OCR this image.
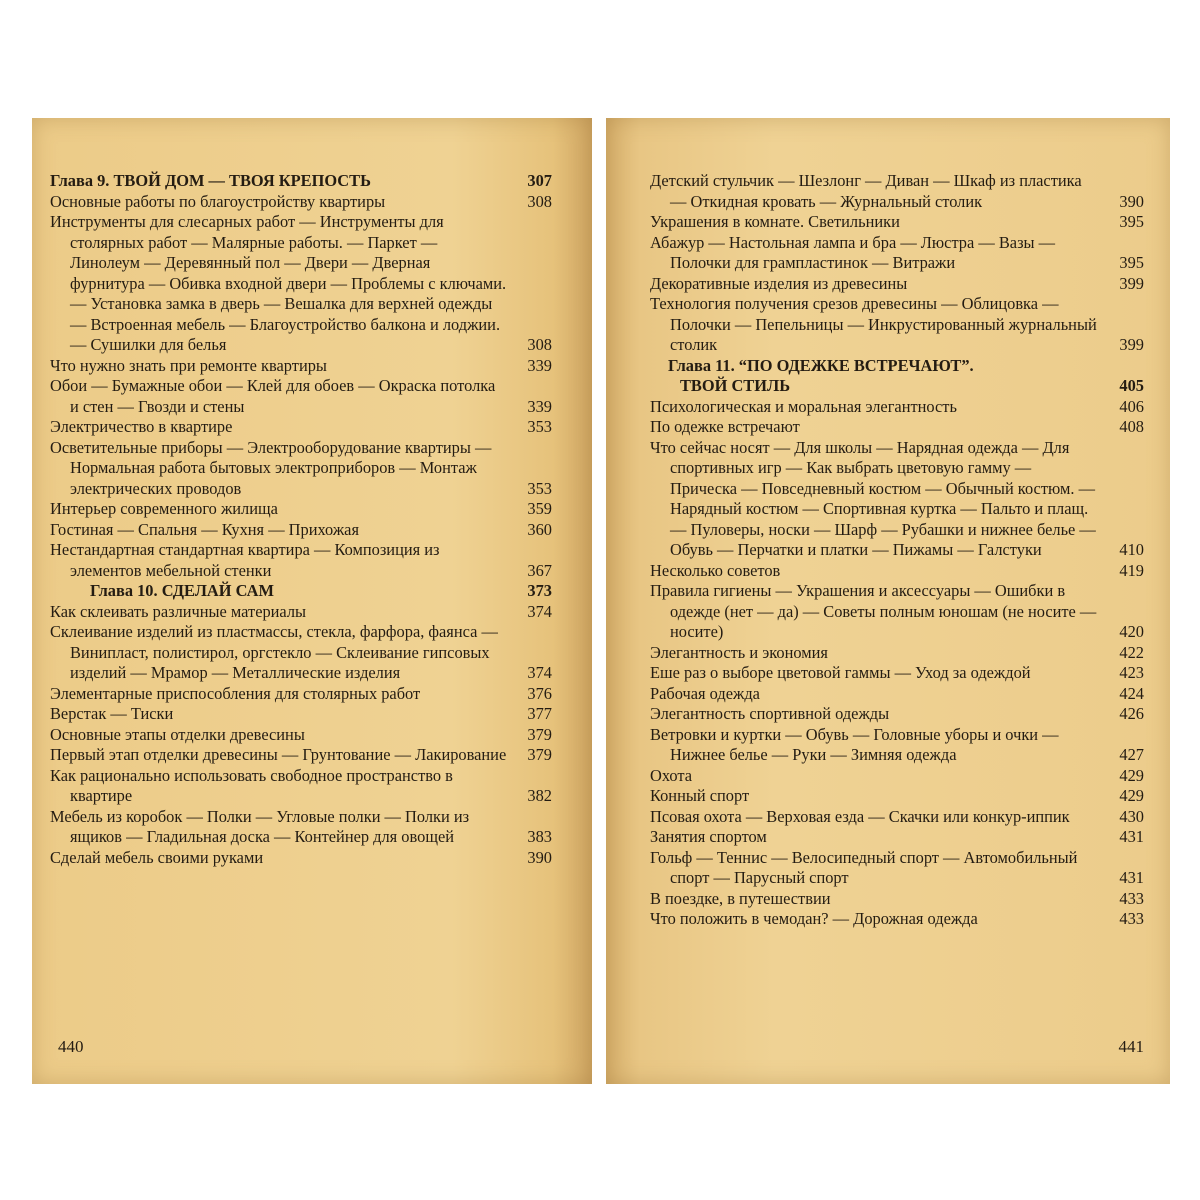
Глава 9. ТВОЙ ДОМ — ТВОЯ КРЕПОСТЬ	307
Основные работы по благоустройству квартиры	308
Инструменты для слесарных работ — Инструменты для столярных работ — Малярные работы. — Паркет — Линолеум — Деревянный пол — Двери — Дверная фурнитура — Обивка входной двери — Проблемы с ключами. — Установка замка в дверь — Вешалка для верхней одежды — Встроенная мебель — Благоустройство балкона и лоджии.— Сушилки для белья	308
Что нужно знать при ремонте квартиры	339
Обои — Бумажные обои — Клей для обоев — Окраска потолка и стен — Гвозди и стены	339
Электричество в квартире	353
Осветительные приборы — Электрооборудование квартиры — Нормальная работа бытовых электроприборов — Монтаж электрических проводов	353
Интерьер современного жилища	359
Гостиная — Спальня — Кухня — Прихожая	360
Нестандартная стандартная квартира — Композиция из элементов мебельной стенки	367
Глава 10. СДЕЛАЙ САМ	373
Как склеивать различные материалы	374
Склеивание изделий из пластмассы, стекла, фарфора, фаянса — Винипласт, полистирол, оргстекло — Склеивание гипсовых изделий — Мрамор — Металлические изделия	374
Элементарные приспособления для столярных работ	376
Верстак — Тиски	377
Основные этапы отделки древесины	379
Первый этап отделки древесины — Грунтование — Лакирование	379
Как рационально использовать свободное пространство в квартире	382
Мебель из коробок — Полки — Угловые полки — Полки из ящиков — Гладильная доска — Контейнер для овощей	383
Сделай мебель своими руками	390
440
Детский стульчик — Шезлонг — Диван — Шкаф из пластика — Откидная кровать — Журнальный столик	390
Украшения в комнате. Светильники	395
Абажур — Настольная лампа и бра — Люстра — Вазы — Полочки для грампластинок — Витражи	395
Декоративные изделия из древесины	399
Технология получения срезов древесины — Облицовка — Полочки — Пепельницы — Инкрустированный журнальный столик	399
Глава 11. “ПО ОДЕЖКЕ ВСТРЕЧАЮТ”.
ТВОЙ СТИЛЬ	405
Психологическая и моральная элегантность	406
По одежке встречают	408
Что сейчас носят — Для школы — Нарядная одежда — Для спортивных игр — Как выбрать цветовую гамму — Прическа — Повседневный костюм — Обычный костюм. — Нарядный костюм — Спортивная куртка — Пальто и плащ. — Пуловеры, носки — Шарф — Рубашки и нижнее белье — Обувь — Перчатки и платки — Пижамы — Галстуки	410
Несколько советов	419
Правила гигиены — Украшения и аксессуары — Ошибки в одежде (нет — да) — Советы полным юношам (не носите — носите)	420
Элегантность и экономия	422
Еше раз о выборе цветовой гаммы — Уход за одеждой	423
Рабочая одежда	424
Элегантность спортивной одежды	426
Ветровки и куртки — Обувь — Головные уборы и очки — Нижнее белье — Руки — Зимняя одежда	427
Охота	429
Конный спорт	429
Псовая охота — Верховая езда — Скачки или конкур-иппик	430
Занятия спортом	431
Гольф — Теннис — Велосипедный спорт — Автомобильный спорт — Парусный спорт	431
В поездке, в путешествии	433
Что положить в чемодан? — Дорожная одежда	433
441
